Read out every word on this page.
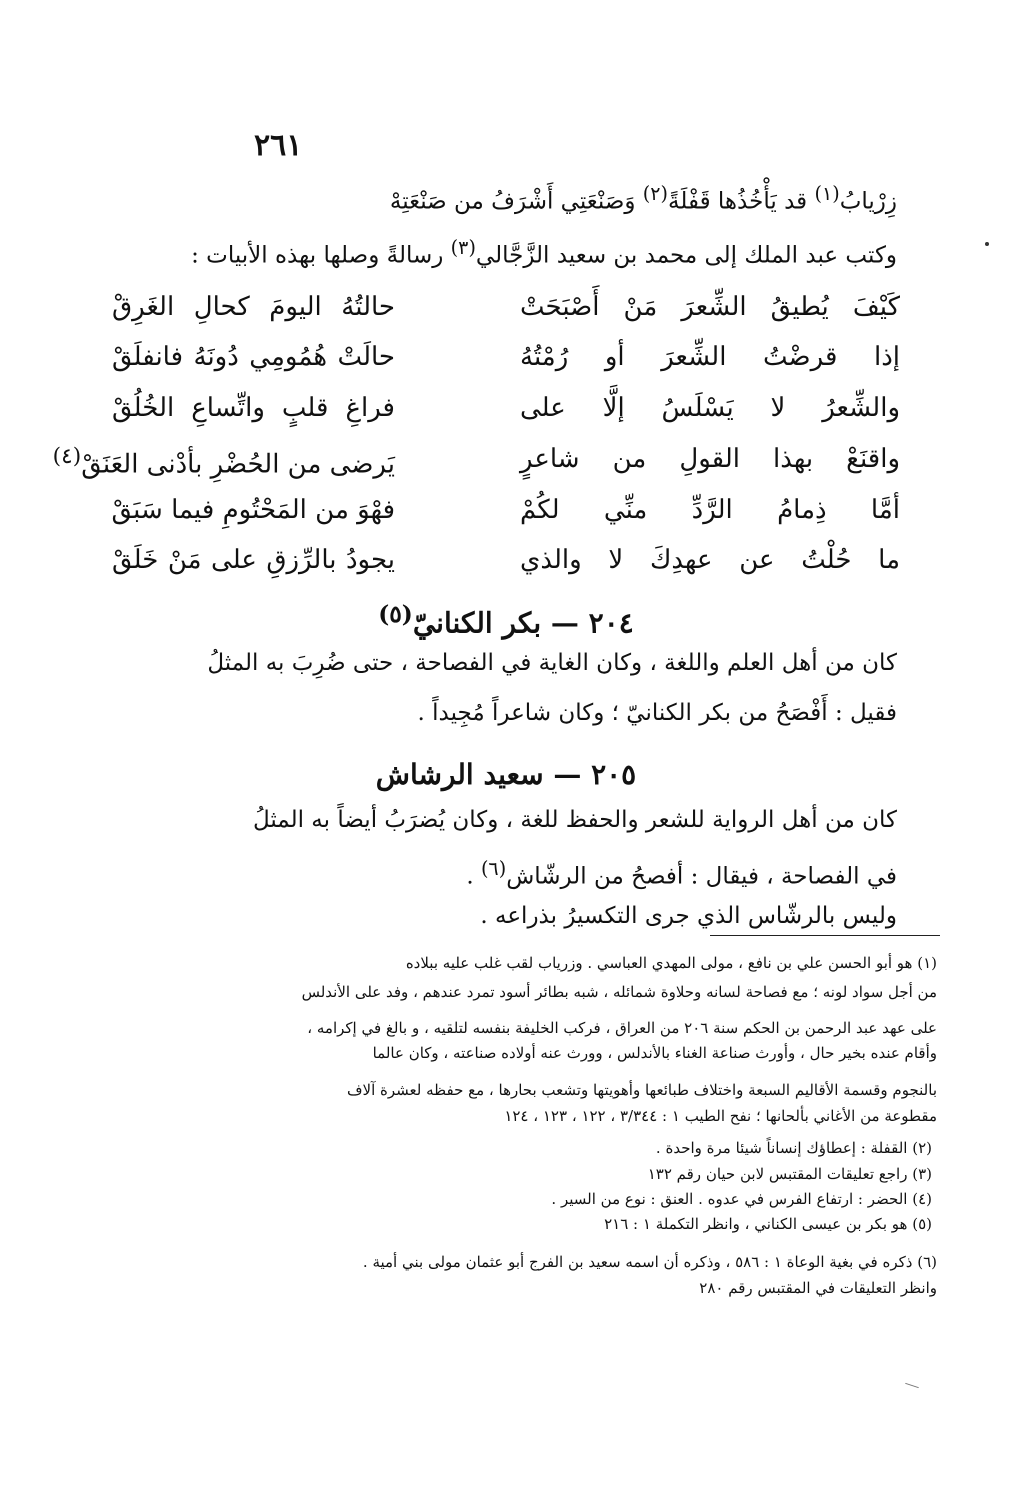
٢٦١
زِرْيابُ$^{(١)}$ قد يَأْخُذُها قَفْلَةً$^{(٢)}$ وَصَنْعَتِي أَشْرَفُ من صَنْعَتِهْ
وكتب عبد الملك إلى محمد بن سعيد الزَّجَّالي$^{(٣)}$ رسالةً وصلها بهذه الأبيات :
كَيْفَ يُطيقُ الشِّعرَ مَنْ أَصْبَحَتْ
حالتُهُ اليومَ كحالِ الغَرِقْ
إذا قرضْتُ الشِّعرَ أو رُمْتُهُ
حالَتْ هُمُومِي دُونَهُ فانفلَقْ
والشِّعرُ لا يَسْلَسُ إلَّا على
فراغِ قلبٍ واتِّساعِ الخُلُقْ
واقنَعْ بهذا القولِ من شاعرٍ
يَرضى من الحُضْرِ بأدْنى العَنَقْ$^{(٤)}$
أمَّا ذِمامُ الرَّدِّ منِّي لكُمْ
فهْوَ من المَحْتُومِ فيما سَبَقْ
ما حُلْتُ عن عهدِكَ لا والذي
يجودُ بالرِّزقِ على مَنْ خَلَقْ
٢٠٤ — بكر الكنانيّ$^{(٥)}$
كان من أهل العلم واللغة ، وكان الغاية في الفصاحة ، حتى ضُرِبَ به المثلُ
فقيل : أَفْصَحُ من بكر الكنانيّ ؛ وكان شاعراً مُجِيداً .
٢٠٥ — سعيد الرشاش
كان من أهل الرواية للشعر والحفظ للغة ، وكان يُضرَبُ أيضاً به المثلُ
في الفصاحة ، فيقال : أفصحُ من الرشّاش$^{(٦)}$ .
وليس بالرشّاس الذي جرى التكسيرُ بذراعه .
(١) هو أبو الحسن علي بن نافع ، مولى المهدي العباسي . وزرياب لقب غلب عليه ببلاده
من أجل سواد لونه ؛ مع فصاحة لسانه وحلاوة شمائله ، شبه بطائر أسود تمرد عندهم ، وفد على الأندلس
على عهد عبد الرحمن بن الحكم سنة ٢٠٦ من العراق ، فركب الخليفة بنفسه لتلقيه ، و بالغ في إكرامه ،
وأقام عنده بخير حال ، وأورث صناعة الغناء بالأندلس ، وورث عنه أولاده صناعته ، وكان عالما
بالنجوم وقسمة الأقاليم السبعة واختلاف طبائعها وأهويتها وتشعب بحارها ، مع حفظه لعشرة آلاف
مقطوعة من الأغاني بألحانها ؛ نفح الطيب ١ : ٣/٣٤٤ ، ١٢٢ ، ١٢٣ ، ١٢٤
(٢) القفلة : إعطاؤك إنساناً شيئا مرة واحدة .
(٣) راجع تعليقات المقتبس لابن حيان رقم ١٣٢
(٤) الحضر : ارتفاع الفرس في عدوه . العنق : نوع من السير .
(٥) هو بكر بن عيسى الكناني ، وانظر التكملة ١ : ٢١٦
(٦) ذكره في بغية الوعاة ١ : ٥٨٦ ، وذكره أن اسمه سعيد بن الفرج أبو عثمان مولى بني أمية .
وانظر التعليقات في المقتبس رقم ٢٨٠
